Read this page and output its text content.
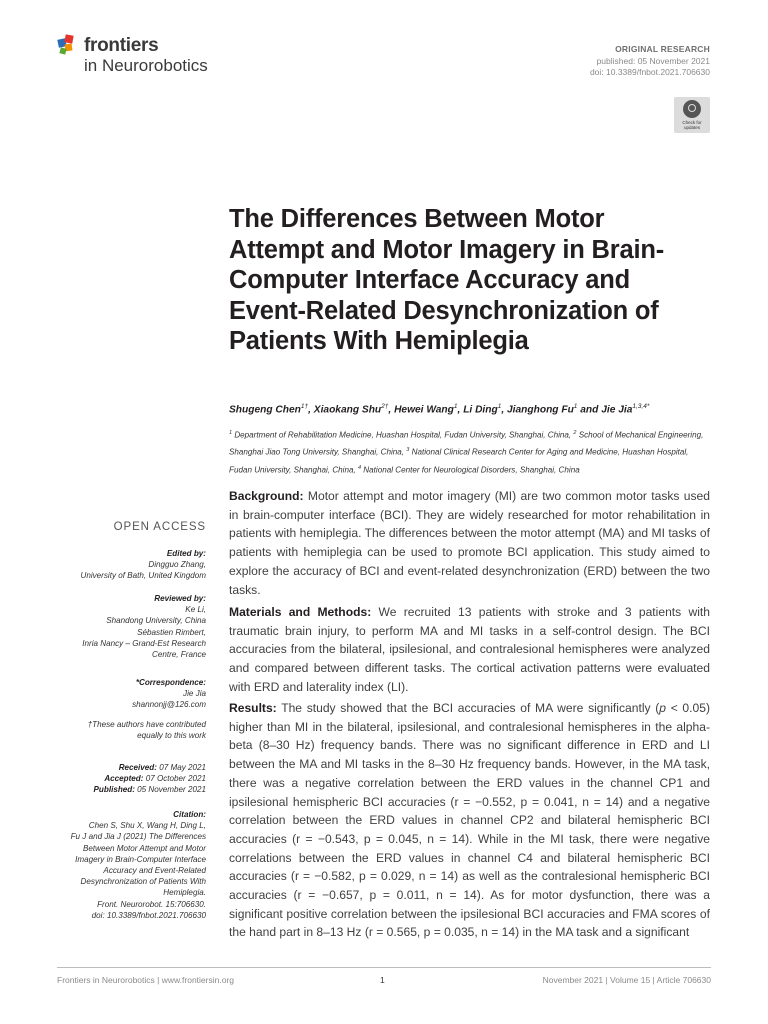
frontiers
in Neurorobotics
ORIGINAL RESEARCH
published: 05 November 2021
doi: 10.3389/fnbot.2021.706630
Check for updates
The Differences Between Motor Attempt and Motor Imagery in Brain-Computer Interface Accuracy and Event-Related Desynchronization of Patients With Hemiplegia
Shugeng Chen$^{1\dagger}$, Xiaokang Shu$^{2\dagger}$, Hewei Wang$^1$, Li Ding$^1$, Jianghong Fu$^1$ and Jie Jia$^{1,3,4*}$
$^1$ Department of Rehabilitation Medicine, Huashan Hospital, Fudan University, Shanghai, China, $^2$ School of Mechanical Engineering, Shanghai Jiao Tong University, Shanghai, China, $^3$ National Clinical Research Center for Aging and Medicine, Huashan Hospital, Fudan University, Shanghai, China, $^4$ National Center for Neurological Disorders, Shanghai, China

Background: Motor attempt and motor imagery (MI) are two common motor tasks used in brain-computer interface (BCI). They are widely researched for motor rehabilitation in patients with hemiplegia. The differences between the motor attempt (MA) and MI tasks of patients with hemiplegia can be used to promote BCI application. This study aimed to explore the accuracy of BCI and event-related desynchronization (ERD) between the two tasks.

Materials and Methods: We recruited 13 patients with stroke and 3 patients with traumatic brain injury, to perform MA and MI tasks in a self-control design. The BCI accuracies from the bilateral, ipsilesional, and contralesional hemispheres were analyzed and compared between different tasks. The cortical activation patterns were evaluated with ERD and laterality index (LI).

Results: The study showed that the BCI accuracies of MA were significantly (p < 0.05) higher than MI in the bilateral, ipsilesional, and contralesional hemispheres in the alpha-beta (8–30 Hz) frequency bands. There was no significant difference in ERD and LI between the MA and MI tasks in the 8–30 Hz frequency bands. However, in the MA task, there was a negative correlation between the ERD values in the channel CP1 and ipsilesional hemispheric BCI accuracies (r = −0.552, p = 0.041, n = 14) and a negative correlation between the ERD values in channel CP2 and bilateral hemispheric BCI accuracies (r = −0.543, p = 0.045, n = 14). While in the MI task, there were negative correlations between the ERD values in channel C4 and bilateral hemispheric BCI accuracies (r = −0.582, p = 0.029, n = 14) as well as the contralesional hemispheric BCI accuracies (r = −0.657, p = 0.011, n = 14). As for motor dysfunction, there was a significant positive correlation between the ipsilesional BCI accuracies and FMA scores of the hand part in 8–13 Hz (r = 0.565, p = 0.035, n = 14) in the MA task and a significant

OPEN ACCESS
Edited by:
Dingguo Zhang,
University of Bath, United Kingdom
Reviewed by:
Ke Li,
Shandong University, China
Sébastien Rimbert,
Inria Nancy – Grand-Est Research
Centre, France
*Correspondence:
Jie Jia
shannonjj@126.com
†These authors have contributed
equally to this work
Received: 07 May 2021
Accepted: 07 October 2021
Published: 05 November 2021
Citation:
Chen S, Shu X, Wang H, Ding L,
Fu J and Jia J (2021) The Differences
Between Motor Attempt and Motor
Imagery in Brain-Computer Interface
Accuracy and Event-Related
Desynchronization of Patients With
Hemiplegia.
Front. Neurorobot. 15:706630.
doi: 10.3389/fnbot.2021.706630
Frontiers in Neurorobotics | www.frontiersin.org	1	November 2021 | Volume 15 | Article 706630
